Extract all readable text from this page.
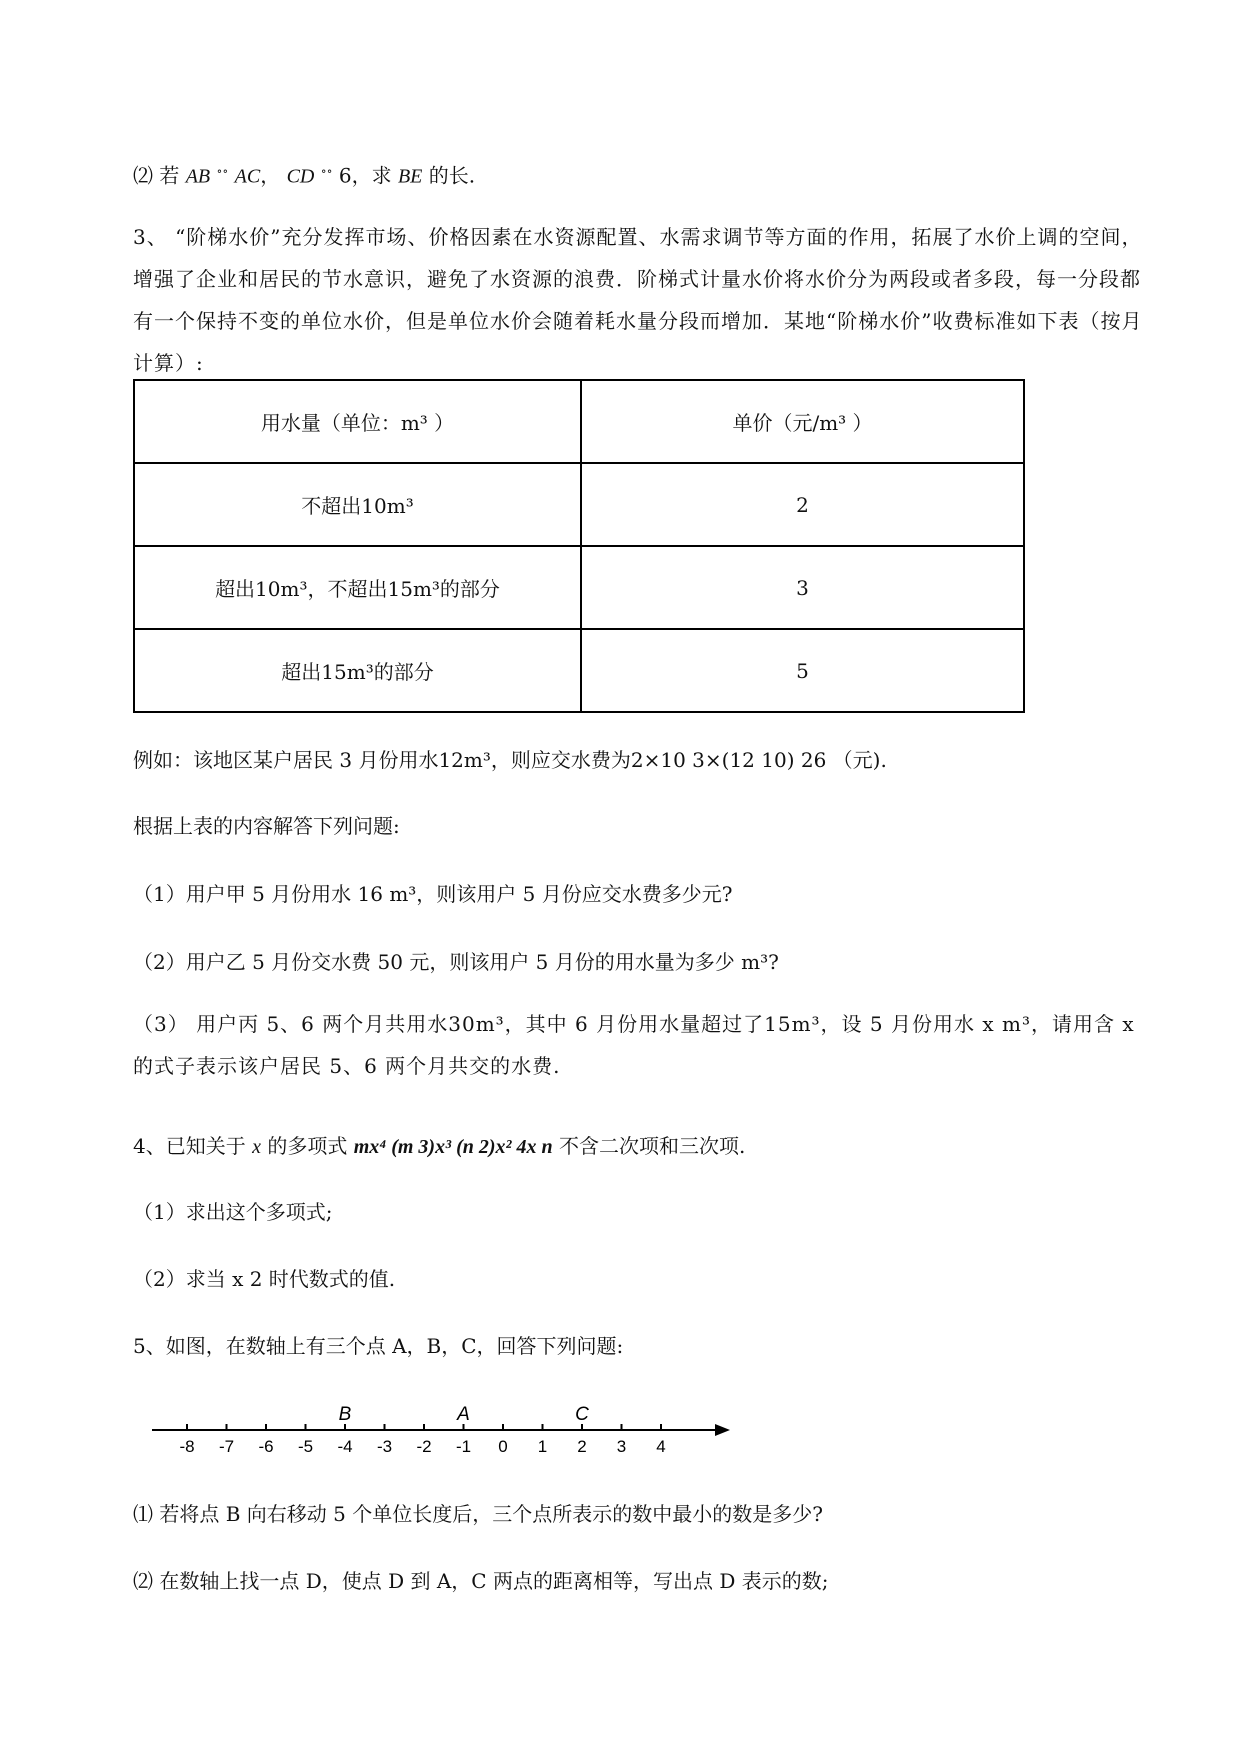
⑵ 若 AB ∘∘ AC， CD ∘∘ 6，求 BE 的长.
3、 “阶梯水价”充分发挥市场、价格因素在水资源配置、水需求调节等方面的作用，拓展了水价上调的空间，增强了企业和居民的节水意识，避免了水资源的浪费．阶梯式计量水价将水价分为两段或者多段，每一分段都有一个保持不变的单位水价，但是单位水价会随着耗水量分段而增加．某地“阶梯水价”收费标准如下表（按月计算）:
用水量（单位：m³ ）	单价（元/m³ ）
不超出10m³	2
超出10m³，不超出15m³的部分	3
超出15m³的部分	5
例如：该地区某户居民 3 月份用水12m³，则应交水费为2×10 3×(12 10) 26 （元).
根据上表的内容解答下列问题:
（1）用户甲 5 月份用水 16 m³，则该用户 5 月份应交水费多少元?
（2）用户乙 5 月份交水费 50 元，则该用户 5 月份的用水量为多少 m³?
（3） 用户丙 5、6 两个月共用水30m³，其中 6 月份用水量超过了15m³，设 5 月份用水 x m³，请用含 x 的式子表示该户居民 5、6 两个月共交的水费.
4、已知关于 x 的多项式 mx⁴ (m 3)x³ (n 2)x² 4x n 不含二次项和三次项.
（1）求出这个多项式;
（2）求当 x 2 时代数式的值.
5、如图，在数轴上有三个点 A，B，C，回答下列问题:
-8 -7 -6 -5 -4 -3 -2 -1 0 1 2 3 4
B	A	C
⑴ 若将点 B 向右移动 5 个单位长度后，三个点所表示的数中最小的数是多少?
⑵ 在数轴上找一点 D，使点 D 到 A，C 两点的距离相等，写出点 D 表示的数;
